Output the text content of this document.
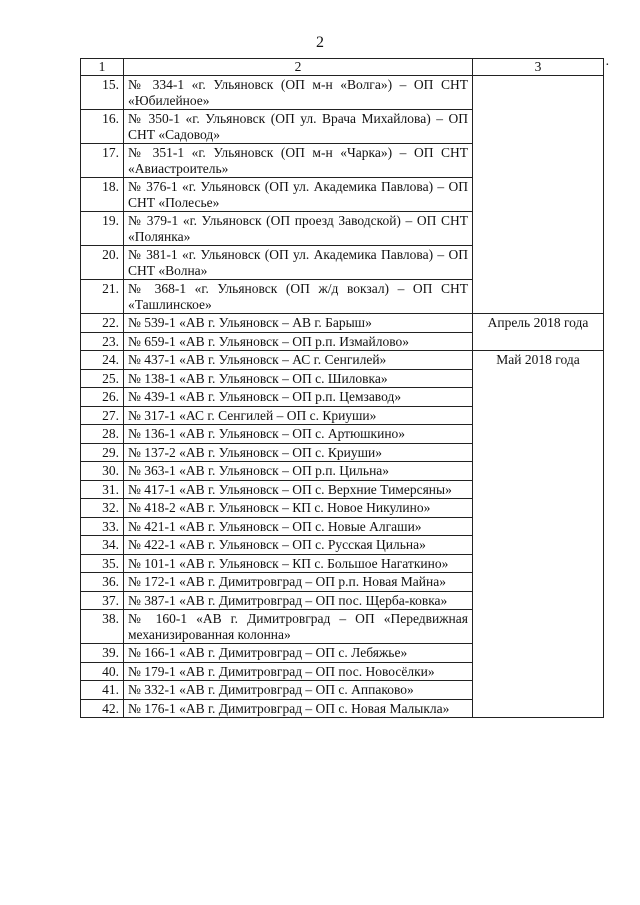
2
·
1	2	3
15.	№ 334-1 «г. Ульяновск (ОП м-н «Волга») – ОП СНТ «Юбилейное»	
16.	№ 350-1 «г. Ульяновск (ОП ул. Врача Михайлова) – ОП СНТ «Садовод»	
17.	№ 351-1 «г. Ульяновск (ОП м-н «Чарка») – ОП СНТ «Авиастроитель»	
18.	№ 376-1 «г. Ульяновск (ОП ул. Академика Павлова) – ОП СНТ «Полесье»	
19.	№ 379-1 «г. Ульяновск (ОП проезд Заводской) – ОП СНТ «Полянка»	
20.	№ 381-1 «г. Ульяновск (ОП ул. Академика Павлова) – ОП СНТ «Волна»	
21.	№ 368-1 «г. Ульяновск (ОП ж/д вокзал) – ОП СНТ «Ташлинское»	
22.	№ 539-1 «АВ г. Ульяновск – АВ г. Барыш»	Апрель 2018 года
23.	№ 659-1 «АВ г. Ульяновск – ОП р.п. Измайлово»	
24.	№ 437-1 «АВ г. Ульяновск – АС г. Сенгилей»	Май 2018 года
25.	№ 138-1 «АВ г. Ульяновск – ОП с. Шиловка»	
26.	№ 439-1 «АВ г. Ульяновск – ОП р.п. Цемзавод»	
27.	№ 317-1 «АС г. Сенгилей – ОП с. Криуши»	
28.	№ 136-1 «АВ г. Ульяновск – ОП с. Артюшкино»	
29.	№ 137-2 «АВ г. Ульяновск – ОП с. Криуши»	
30.	№ 363-1 «АВ г. Ульяновск – ОП р.п. Цильна»	
31.	№ 417-1 «АВ г. Ульяновск – ОП с. Верхние Тимерсяны»	
32.	№ 418-2 «АВ г. Ульяновск – КП с. Новое Никулино»	
33.	№ 421-1 «АВ г. Ульяновск – ОП с. Новые Алгаши»	
34.	№ 422-1 «АВ г. Ульяновск – ОП с. Русская Цильна»	
35.	№ 101-1 «АВ г. Ульяновск – КП с. Большое Нагаткино»	
36.	№ 172-1 «АВ г. Димитровград – ОП р.п. Новая Майна»	
37.	№ 387-1 «АВ г. Димитровград – ОП пос. Щерба-ковка»	
38.	№ 160-1 «АВ г. Димитровград – ОП «Передвижная механизированная колонна»	
39.	№ 166-1 «АВ г. Димитровград – ОП с. Лебяжье»	
40.	№ 179-1 «АВ г. Димитровград – ОП пос. Новосёлки»	
41.	№ 332-1 «АВ г. Димитровград – ОП с. Аппаково»	
42.	№ 176-1 «АВ г. Димитровград – ОП с. Новая Малыкла»	
